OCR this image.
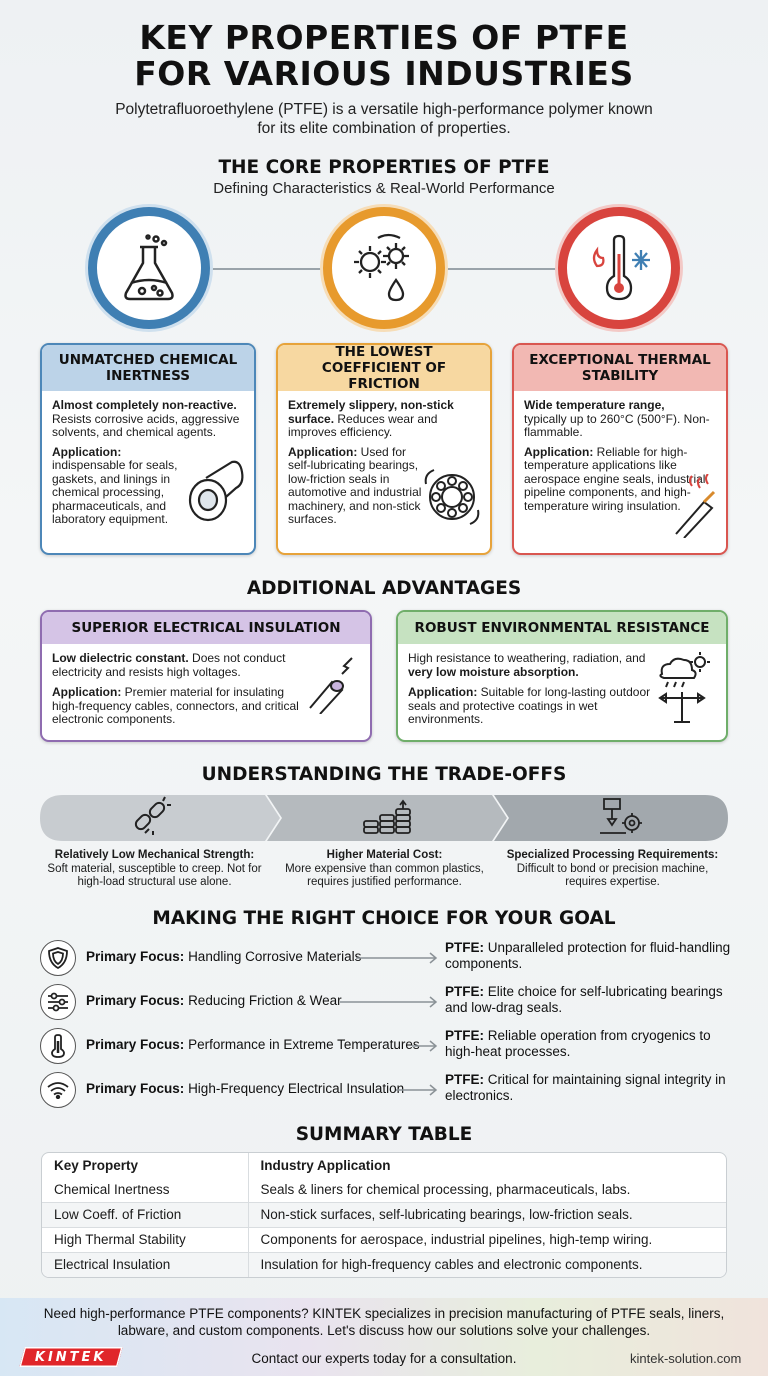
KEY PROPERTIES OF PTFE
FOR VARIOUS INDUSTRIES
Polytetrafluoroethylene (PTFE) is a versatile high-performance polymer known for its elite combination of properties.
THE CORE PROPERTIES OF PTFE
Defining Characteristics & Real-World Performance
UNMATCHED CHEMICAL INERTNESS

Almost completely non-reactive.
Resists corrosive acids, aggressive solvents, and chemical agents.

Application:
indispensable for seals, gaskets, and linings in chemical processing, pharmaceuticals, and laboratory equipment.

THE LOWEST COEFFICIENT OF FRICTION

Extremely slippery, non-stick surface. Reduces wear and improves efficiency.

Application: Used for self-lubricating bearings, low-friction seals in automotive and industrial machinery, and non-stick surfaces.

EXCEPTIONAL THERMAL STABILITY

Wide temperature range,
typically up to 260°C (500°F). Non-flammable.

Application: Reliable for high-temperature applications like aerospace engine seals, industrial pipeline components, and high-temperature wiring insulation.

ADDITIONAL ADVANTAGES
SUPERIOR ELECTRICAL INSULATION

Low dielectric constant. Does not conduct electricity and resists high voltages.

Application: Premier material for insulating high-frequency cables, connectors, and critical electronic components.

ROBUST ENVIRONMENTAL RESISTANCE

High resistance to weathering, radiation, and very low moisture absorption.

Application: Suitable for long-lasting outdoor seals and protective coatings in wet environments.

UNDERSTANDING THE TRADE-OFFS
Relatively Low Mechanical Strength:
Soft material, susceptible to creep. Not for high-load structural use alone.
Higher Material Cost:
More expensive than common plastics, requires justified performance.
Specialized Processing Requirements:
Difficult to bond or precision machine, requires expertise.
MAKING THE RIGHT CHOICE FOR YOUR GOAL
Primary Focus: Handling Corrosive Materials
PTFE: Unparalleled protection for fluid-handling components.
Primary Focus: Reducing Friction & Wear
PTFE: Elite choice for self-lubricating bearings and low-drag seals.
Primary Focus: Performance in Extreme Temperatures
PTFE: Reliable operation from cryogenics to high-heat processes.
Primary Focus: High-Frequency Electrical Insulation
PTFE: Critical for maintaining signal integrity in electronics.
SUMMARY TABLE
Key Property	Industry Application
Chemical Inertness	Seals & liners for chemical processing, pharmaceuticals, labs.
Low Coeff. of Friction	Non-stick surfaces, self-lubricating bearings, low-friction seals.
High Thermal Stability	Components for aerospace, industrial pipelines, high-temp wiring.
Electrical Insulation	Insulation for high-frequency cables and electronic components.
Need high-performance PTFE components? KINTEK specializes in precision manufacturing of PTFE seals, liners, labware, and custom components. Let's discuss how our solutions solve your challenges.
KINTEK	Contact our experts today for a consultation.	kintek-solution.com
